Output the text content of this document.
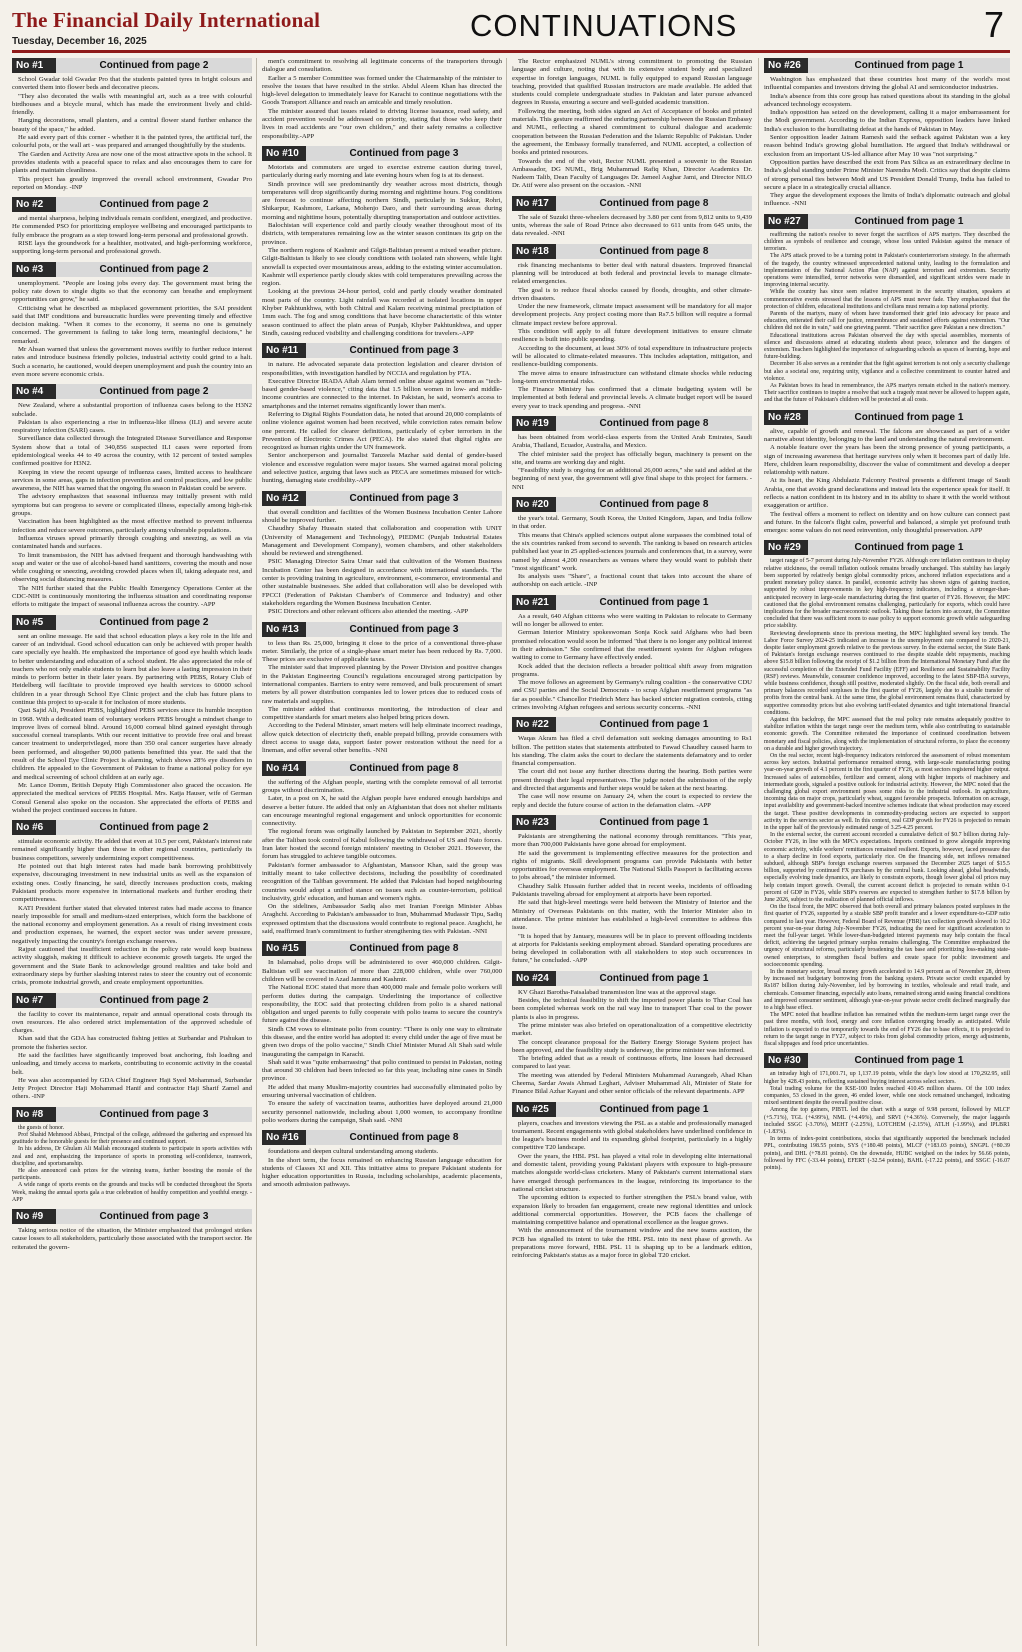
The Financial Daily International
Tuesday, December 16, 2025	CONTINUATIONS	7
No #1	Continued from page 2

School Gwadar told Gwadar Pro that the students painted tyres in bright colours and converted them into flower beds and decorative pieces.

"They also decorated the walls with meaningful art, such as a tree with colourful birdhouses and a bicycle mural, which has made the environment lively and child-friendly.

Hanging decorations, small planters, and a central flower stand further enhance the beauty of the space," he added.

He said every part of this corner - whether it is the painted tyres, the artificial turf, the colourful pots, or the wall art - was prepared and arranged thoughtfully by the students.

The Garden and Activity Area are now one of the most attractive spots in the school. It provides students with a peaceful space to relax and also encourages them to care for plants and maintain cleanliness.

This project has greatly improved the overall school environment, Gwadar Pro reported on Monday. -INP

No #2	Continued from page 2

and mental sharpness, helping individuals remain confident, energized, and productive. He commended PSO for prioritizing employee wellbeing and encouraged participants to fully embrace the program as a step toward long-term personal and professional growth.

RISE lays the groundwork for a healthier, motivated, and high-performing workforce, supporting long-term personal and professional growth.

No #3	Continued from page 2

unemployment. "People are losing jobs every day. The government must bring the policy rate down to single digits so that the economy can breathe and employment opportunities can grow," he said.

Criticising what he described as misplaced government priorities, the SAI president said that IMF conditions and bureaucratic hurdles were preventing timely and effective decision making. "When it comes to the economy, it seems no one is genuinely concerned. The government is failing to take long term, meaningful decisions," he remarked.

Mr Ahsan warned that unless the government moves swiftly to further reduce interest rates and introduce business friendly policies, industrial activity could grind to a halt. Such a scenario, he cautioned, would deepen unemployment and push the country into an even more severe economic crisis.

No #4	Continued from page 2

New Zealand, where a substantial proportion of influenza cases belong to the H3N2 subclade.

Pakistan is also experiencing a rise in influenza-like illness (ILI) and severe acute respiratory infection (SARI) cases.

Surveillance data collected through the Integrated Disease Surveillance and Response System show that a total of 340,856 suspected ILI cases were reported from epidemiological weeks 44 to 49 across the country, with 12 percent of tested samples confirmed positive for H3N2.

Keeping in view the recent upsurge of influenza cases, limited access to healthcare services in some areas, gaps in infection prevention and control practices, and low public awareness, the NIH has warned that the ongoing flu season in Pakistan could be severe.

The advisory emphasizes that seasonal influenza may initially present with mild symptoms but can progress to severe or complicated illness, especially among high-risk groups.

Vaccination has been highlighted as the most effective method to prevent influenza infection and reduce severe outcomes, particularly among vulnerable populations.

Influenza viruses spread primarily through coughing and sneezing, as well as via contaminated hands and surfaces.

To limit transmission, the NIH has advised frequent and thorough handwashing with soap and water or the use of alcohol-based hand sanitizers, covering the mouth and nose while coughing or sneezing, avoiding crowded places when ill, taking adequate rest, and observing social distancing measures.

The NIH further stated that the Public Health Emergency Operations Center at the CDC-NIH is continuously monitoring the influenza situation and coordinating response efforts to mitigate the impact of seasonal influenza across the country. -APP

No #5	Continued from page 2

sent an online message. He said that school education plays a key role in the life and career of an individual. Good school education can only be achieved with proper health care specially eye health. He emphasized the importance of good eye health which leads to better understanding and education of a school student. He also appreciated the role of teachers who not only enable students to learn but also leave a lasting impression in their minds to perform better in their later years. By partnering with PEBS, Rotary Club of Heidelberg will facilitate to provide improved eye health services to 60000 school children in a year through School Eye Clinic project and the club has future plans to continue this project to up-scale it for inclusion of more students.

Qazi Sajid Ali, President PEBS, highlighted PEBS services since its humble inception in 1968. With a dedicated team of voluntary workers PEBS brought a mindset change to improve lives of corneal blind. Around 16,000 corneal blind gained eyesight through successful corneal transplants. With our recent initiative to provide free oral and breast cancer treatment to underprivileged, more than 350 oral cancer surgeries have already been performed, and altogether 90,000 patients benefitted this year. He said that the result of the School Eye Clinic Project is alarming, which shows 28% eye disorders in children. He appealed to the Government of Pakistan to frame a national policy for eye and medical screening of school children at an early age.

Mr. Lance Domm, British Deputy High Commissioner also graced the occasion. He appreciated the medical services of PEBS Hospital. Mrs. Katja Hauser, wife of German Consul General also spoke on the occasion. She appreciated the efforts of PEBS and wished the project continued success in future.

No #6	Continued from page 2

stimulate economic activity. He added that even at 10.5 per cent, Pakistan's interest rate remained significantly higher than those in other regional countries, particularly its business competitors, severely undermining export competitiveness.

He pointed out that high interest rates had made bank borrowing prohibitively expensive, discouraging investment in new industrial units as well as the expansion of existing ones. Costly financing, he said, directly increases production costs, making Pakistani products more expensive in international markets and further eroding their competitiveness.

KATI President further stated that elevated interest rates had made access to finance nearly impossible for small and medium-sized enterprises, which form the backbone of the national economy and employment generation. As a result of rising investment costs and production expenses, he warned, the export sector was under severe pressure, negatively impacting the country's foreign exchange reserves.

Rajput cautioned that insufficient reduction in the policy rate would keep business activity sluggish, making it difficult to achieve economic growth targets. He urged the government and the State Bank to acknowledge ground realities and take bold and extraordinary steps by further slashing interest rates to steer the country out of economic crisis, promote industrial growth, and create employment opportunities.

No #7	Continued from page 2

the facility to cover its maintenance, repair and annual operational costs through its own resources. He also ordered strict implementation of the approved schedule of charges.

Khan said that the GDA has constructed fishing jetties at Surbandar and Pishukan to promote the fisheries sector.

He said the facilities have significantly improved boat anchoring, fish loading and unloading, and timely access to markets, contributing to economic activity in the coastal belt.

He was also accompanied by GDA Chief Engineer Haji Syed Mohammad, Surbandar Jetty Project Director Haji Mohammad Hanif and contractor Haji Sharif Zamel and others. -INP

No #8	Continued from page 3

the guests of honor.

Prof Shahid Mehmood Abbasi, Principal of the college, addressed the gathering and expressed his gratitude to the honorable guests for their presence and continued support.

In his address, Dr Ghulam Ali Mallah encouraged students to participate in sports activities with zeal and zest, emphasizing the importance of sports in promoting self-confidence, teamwork, discipline, and sportsmanship.

He also announced cash prizes for the winning teams, further boosting the morale of the participants.

A wide range of sports events on the grounds and tracks will be conducted throughout the Sports Week, making the annual sports gala a true celebration of healthy competition and youthful energy. -APP

No #9	Continued from page 3

Taking serious notice of the situation, the Minister emphasized that prolonged strikes cause losses to all stakeholders, particularly those associated with the transport sector. He reiterated the govern-

ment's commitment to resolving all legitimate concerns of the transporters through dialogue and consultation.

Earlier a 5 member Committee was formed under the Chairmanship of the minister to resolve the issues that have resulted in the strike. Abdul Aleem Khan has directed the high-level delegation to immediately leave for Karachi to continue negotiations with the Goods Transport Alliance and reach an amicable and timely resolution.

The minister assured that issues related to driving license issuance, road safety, and accident prevention would be addressed on priority, stating that those who keep their lives in road accidents are "our own children," and their safety remains a collective responsibility.-APP

No #10	Continued from page 3

Motorists and commuters are urged to exercise extreme caution during travel, particularly during early morning and late evening hours when fog is at its densest.

Sindh province will see predominantly dry weather across most districts, though temperatures will drop significantly during morning and nighttime hours. Fog conditions are forecast to continue affecting northern Sindh, particularly in Sukkur, Rohri, Shikarpur, Kashmore, Larkana, Mohenjo Daro, and their surrounding areas during morning and nighttime hours, potentially disrupting transportation and outdoor activities.

Balochistan will experience cold and partly cloudy weather throughout most of its districts, with temperatures remaining low as the winter season continues its grip on the province.

The northern regions of Kashmir and Gilgit-Baltistan present a mixed weather picture. Gilgit-Baltistan is likely to see cloudy conditions with isolated rain showers, while light snowfall is expected over mountainous areas, adding to the existing winter accumulation. Kashmir will experience partly cloudy skies with cold temperatures prevailing across the region.

Looking at the previous 24-hour period, cold and partly cloudy weather dominated most parts of the country. Light rainfall was recorded at isolated locations in upper Khyber Pakhtunkhwa, with both Chitral and Kalam receiving minimal precipitation of 1mm each. The fog and smog conditions that have become characteristic of this winter season continued to affect the plain areas of Punjab, Khyber Pakhtunkhwa, and upper Sindh, causing reduced visibility and challenging conditions for travelers.-APP

No #11	Continued from page 3

in nature. He advocated separate data protection legislation and clearer division of responsibilities, with investigation handled by NCCIA and regulation by PTA.

Executive Director IRADA Aftab Alam termed online abuse against women as "tech-based gender-based violence," citing data that 1.5 billion women in low- and middle-income countries are connected to the internet. In Pakistan, he said, women's access to smartphones and the internet remains significantly lower than men's.

Referring to Digital Rights Foundation data, he noted that around 20,000 complaints of online violence against women had been received, while conviction rates remain below one percent. He called for clearer definitions, particularly of cyber terrorism in the Prevention of Electronic Crimes Act (PECA). He also stated that digital rights are recognized as human rights under the UN framework.

Senior anchorperson and journalist Tanzeela Mazhar said denial of gender-based violence and excessive regulation were major issues. She warned against moral policing and selective justice, arguing that laws such as PECA are sometimes misused for witch-hunting, damaging state credibility.-APP

No #12	Continued from page 3

that overall condition and facilities of the Women Business Incubation Center Lahore should be improved further.

Chaudhry Shafay Hussain stated that collaboration and cooperation with UNIT (University of Management and Technology), PIEDMC (Punjab Industrial Estates Management and Development Company), women chambers, and other stakeholders should be reviewed and strengthened.

PSIC Managing Director Saira Umar said that cultivation of the Women Business Incubation Center has been designed in accordance with international standards. The center is providing training in agriculture, environment, e-commerce, environmental and other sustainable businesses. She added that collaboration will also be developed with FPCCI (Federation of Pakistan Chamber's of Commerce and Industry) and other stakeholders regarding the Women Business Incubation Center.

PSIC Directors and other relevant officers also attended the meeting. -APP

No #13	Continued from page 3

to less than Rs. 25,000, bringing it close to the price of a conventional three-phase meter. Similarly, the price of a single-phase smart meter has been reduced by Rs. 7,000. These prices are exclusive of applicable taxes.

The minister said that improved planning by the Power Division and positive changes in the Pakistan Engineering Council's regulations encouraged strong participation by international companies. Barriers to entry were removed, and bulk procurement of smart meters by all power distribution companies led to lower prices due to reduced costs of raw materials and supplies.

The minister added that continuous monitoring, the introduction of clear and competitive standards for smart meters also helped bring prices down.

According to the Federal Minister, smart meters will help eliminate incorrect readings, allow quick detection of electricity theft, enable prepaid billing, provide consumers with direct access to usage data, support faster power restoration without the need for a lineman, and offer several other benefits. -NNI

No #14	Continued from page 8

the suffering of the Afghan people, starting with the complete removal of all terrorist groups without discrimination.

Later, in a post on X, he said the Afghan people have endured enough hardships and deserve a better future. He added that only an Afghanistan that does not shelter militants can encourage meaningful regional engagement and unlock opportunities for economic connectivity.

The regional forum was originally launched by Pakistan in September 2021, shortly after the Taliban took control of Kabul following the withdrawal of US and Nato forces. Iran later hosted the second foreign ministers' meeting in October 2021. However, the forum has struggled to achieve tangible outcomes.

Pakistan's former ambassador to Afghanistan, Mansoor Khan, said the group was initially meant to take collective decisions, including the possibility of coordinated recognition of the Taliban government. He added that Pakistan had hoped neighbouring countries would adopt a unified stance on issues such as counter-terrorism, political inclusivity, girls' education, and human and women's rights.

On the sidelines, Ambassador Sadiq also met Iranian Foreign Minister Abbas Araghchi. According to Pakistan's ambassador to Iran, Muhammad Mudassir Tipu, Sadiq expressed optimism that the discussions would contribute to regional peace. Araghchi, he said, reaffirmed Iran's commitment to further strengthening ties with Pakistan. -NNI

No #15	Continued from page 8

In Islamabad, polio drops will be administered to over 460,000 children. Gilgit-Baltistan will see vaccination of more than 228,000 children, while over 760,000 children will be covered in Azad Jammu and Kashmir.

The National EOC stated that more than 400,000 male and female polio workers will perform duties during the campaign. Underlining the importance of collective responsibility, the EOC said that protecting children from polio is a shared national obligation and urged parents to fully cooperate with polio teams to secure the country's future against the disease.

Sindh CM vows to eliminate polio from country: "There is only one way to eliminate this disease, and the entire world has adopted it: every child under the age of five must be given two drops of the polio vaccine," Sindh Chief Minister Murad Ali Shah said while inaugurating the campaign in Karachi.

Shah said it was "quite embarrassing" that polio continued to persist in Pakistan, noting that around 30 children had been infected so far this year, including nine cases in Sindh province.

He added that many Muslim-majority countries had successfully eliminated polio by ensuring universal vaccination of children.

To ensure the safety of vaccination teams, authorities have deployed around 21,000 security personnel nationwide, including about 1,000 women, to accompany frontline polio workers during the campaign, Shah said. -NNI

No #16	Continued from page 8

foundations and deepen cultural understanding among students.

In the short term, the focus remained on enhancing Russian language education for students of Classes XI and XII. This initiative aims to prepare Pakistani students for higher education opportunities in Russia, including scholarships, academic placements, and smooth admission pathways.

The Rector emphasized NUML's strong commitment to promoting the Russian language and culture, noting that with its extensive student body and specialized expertise in foreign languages, NUML is fully equipped to expand Russian language teaching, provided that qualified Russian instructors are made available. He added that students could complete undergraduate studies in Pakistan and later pursue advanced degrees in Russia, ensuring a secure and well-guided academic transition.

Following the meeting, both sides signed an Act of Acceptance of books and printed materials. This gesture reaffirmed the enduring partnership between the Russian Embassy and NUML, reflecting a shared commitment to cultural dialogue and academic cooperation between the Russian Federation and the Islamic Republic of Pakistan. Under the agreement, the Embassy formally transferred, and NUML accepted, a collection of books and printed resources.

Towards the end of the visit, Rector NUML presented a souvenir to the Russian Ambassador, DG NUML, Brig Muhammad Rafiq Khan, Director Academics Dr. Nadeem Talib, Dean Faculty of Languages Dr. Jameel Asghar Jami, and Director NILO Dr. Atif were also present on the occasion. -NNI

No #17	Continued from page 8

The sale of Suzuki three-wheelers decreased by 3.80 per cent from 9,812 units to 9,439 units, whereas the sale of Road Prince also decreased to 611 units from 645 units, the data revealed. -NNI

No #18	Continued from page 8

risk financing mechanisms to better deal with natural disasters. Improved financial planning will be introduced at both federal and provincial levels to manage climate-related emergencies.

The goal is to reduce fiscal shocks caused by floods, droughts, and other climate-driven disasters.

Under the new framework, climate impact assessment will be mandatory for all major development projects. Any project costing more than Rs7.5 billion will require a formal climate impact review before approval.

This condition will apply to all future development initiatives to ensure climate resilience is built into public spending.

According to the document, at least 30% of total expenditure in infrastructure projects will be allocated to climate-related measures. This includes adaptation, mitigation, and resilience-building components.

The move aims to ensure infrastructure can withstand climate shocks while reducing long-term environmental risks.

The Finance Ministry has confirmed that a climate budgeting system will be implemented at both federal and provincial levels. A climate budget report will be issued every year to track spending and progress. -NNI

No #19	Continued from page 8

has been obtained from world-class experts from the United Arab Emirates, Saudi Arabia, Thailand, Ecuador, Australia, and Mexico.

The chief minister said the project has officially begun, machinery is present on the site, and teams are working day and night.

"Feasibility study is ongoing for an additional 26,000 acres," she said and added at the beginning of next year, the government will give final shape to this project for farmers. -NNI

No #20	Continued from page 8

the year's total. Germany, South Korea, the United Kingdom, Japan, and India follow in that order.

This means that China's applied sciences output alone surpasses the combined total of the six countries ranked from second to seventh. The ranking is based on research articles published last year in 25 applied-sciences journals and conferences that, in a survey, were named by almost 4,200 researchers as venues where they would want to publish their "most significant" work.

Its analysis uses "Share", a fractional count that takes into account the share of authorship on each article. -INP

No #21	Continued from page 1

As a result, 640 Afghan citizens who were waiting in Pakistan to relocate to Germany will no longer be allowed to enter.

German Interior Ministry spokeswoman Sonja Kock said Afghans who had been promised relocation would soon be informed "that there is no longer any political interest in their admission." She confirmed that the resettlement system for Afghan refugees waiting to come to Germany have effectively ended.

Kock added that the decision reflects a broader political shift away from migration programs.

The move follows an agreement by Germany's ruling coalition - the conservative CDU and CSU parties and the Social Democrats - to scrap Afghan resettlement programs "as far as possible." Chancellor Friedrich Merz has backed stricter migration controls, citing crimes involving Afghan refugees and serious security concerns. -NNI

No #22	Continued from page 1

Waqas Akram has filed a civil defamation suit seeking damages amounting to Rs1 billion. The petition states that statements attributed to Fawad Chaudhry caused harm to his standing. The claim asks the court to declare the statements defamatory and to order financial compensation.

The court did not issue any further directions during the hearing. Both parties were present through their legal representatives. The judge noted the submission of the reply and directed that arguments and further steps would be taken at the next hearing.

The case will now resume on January 24, when the court is expected to review the reply and decide the future course of action in the defamation claim. -APP

No #23	Continued from page 1

Pakistanis are strengthening the national economy through remittances. "This year, more than 700,000 Pakistanis have gone abroad for employment.

He said the government is implementing effective measures for the protection and rights of migrants. Skill development programs can provide Pakistanis with better opportunities for overseas employment. The National Skills Passport is facilitating access to jobs abroad," the minister informed.

Chaudhry Salik Hussain further added that in recent weeks, incidents of offloading Pakistanis traveling abroad for employment at airports have been reported.

He said that high-level meetings were held between the Ministry of Interior and the Ministry of Overseas Pakistanis on this matter, with the Interior Minister also in attendance. The prime minister has established a high-level committee to address this issue.

"It is hoped that by January, measures will be in place to prevent offloading incidents at airports for Pakistanis seeking employment abroad. Standard operating procedures are being developed in collaboration with all stakeholders to stop such occurrences in future," he concluded. -APP

No #24	Continued from page 1

KV Ghazi Barotha-Faisalabad transmission line was at the approval stage.

Besides, the technical feasibility to shift the imported power plants to Thar Coal has been completed whereas work on the rail way line to transport Thar coal to the power plants is also in progress.

The prime minister was also briefed on operationalization of a competitive electricity market.

The concept clearance proposal for the Battery Energy Storage System project has been approved, and the feasibility study is underway, the prime minister was informed.

The briefing added that as a result of continuous efforts, line losses had decreased compared to last year.

The meeting was attended by Federal Ministers Muhammad Aurangzeb, Ahad Khan Cheema, Sardar Awais Ahmad Leghari, Adviser Muhammad Ali, Minister of State for Finance Bilal Azhar Kayani and other senior officials of the relevant departments. APP

No #25	Continued from page 1

players, coaches and investors viewing the PSL as a stable and professionally managed tournament. Recent engagements with global stakeholders have underlined confidence in the league's business model and its expanding global footprint, particularly in a highly competitive T20 landscape.

Over the years, the HBL PSL has played a vital role in developing elite international and domestic talent, providing young Pakistani players with exposure to high-pressure matches alongside world-class cricketers. Many of Pakistan's current international stars have emerged through performances in the league, reinforcing its importance to the national cricket structure.

The upcoming edition is expected to further strengthen the PSL's brand value, with expansion likely to broaden fan engagement, create new regional identities and unlock additional commercial opportunities. However, the PCB faces the challenge of maintaining competitive balance and operational excellence as the league grows.

With the announcement of the tournament window and the new teams auction, the PCB has signalled its intent to take the HBL PSL into its next phase of growth. As preparations move forward, HBL PSL 11 is shaping up to be a landmark edition, reinforcing Pakistan's status as a major force in global T20 cricket.

No #26	Continued from page 1

Washington has emphasized that these countries host many of the world's most influential companies and investors driving the global AI and semiconductor industries.

India's absence from this core group has raised questions about its standing in the global advanced technology ecosystem.

India's opposition has seized on the development, calling it a major embarrassment for the Modi government. According to the Indian Express, opposition leaders have linked India's exclusion to the humiliating defeat at the hands of Pakistan in May.

Senior opposition leader Jairam Ramesh said the setback against Pakistan was a key reason behind India's growing global humiliation. He argued that India's withdrawal or exclusion from an important US-led alliance after May 10 was "not surprising."

Opposition parties have described the exit from Pax Silica as an extraordinary decline in India's global standing under Prime Minister Narendra Modi. Critics say that despite claims of strong personal ties between Modi and US President Donald Trump, India has failed to secure a place in a strategically crucial alliance.

They argue the development exposes the limits of India's diplomatic outreach and global influence. -NNI

No #27	Continued from page 1

reaffirming the nation's resolve to never forget the sacrifices of APS martyrs. They described the children as symbols of resilience and courage, whose loss united Pakistan against the menace of terrorism.

The APS attack proved to be a turning point in Pakistan's counterterrorism strategy. In the aftermath of the tragedy, the country witnessed unprecedented national unity, leading to the formulation and implementation of the National Action Plan (NAP) against terrorism and extremism. Security operations were intensified, terror networks were dismantled, and significant strides were made in improving internal security.

While the country has since seen relative improvement in the security situation, speakers at commemorative events stressed that the lessons of APS must never fade. They emphasized that the protection of children, educational institutions and civilians must remain a top national priority.

Parents of the martyrs, many of whom have transformed their grief into advocacy for peace and education, reiterated their call for justice, remembrance and sustained efforts against extremism. "Our children did not die in vain," said one grieving parent. "Their sacrifice gave Pakistan a new direction."

Educational institutions across Pakistan observed the day with special assemblies, moments of silence and discussions aimed at educating students about peace, tolerance and the dangers of extremism. Teachers highlighted the importance of safeguarding schools as spaces of learning, hope and future-building.

December 16 also serves as a reminder that the fight against terrorism is not only a security challenge but also a societal one, requiring unity, vigilance and a collective commitment to counter hatred and violence.

As Pakistan bows its head in remembrance, the APS martyrs remain etched in the nation's memory. Their sacrifice continues to inspire a resolve that such a tragedy must never be allowed to happen again, and that the future of Pakistan's children will be protected at all costs.

No #28	Continued from page 1

alive, capable of growth and renewal. The falcons are showcased as part of a wider narrative about identity, belonging to the land and understanding the natural environment.

A notable feature over the years has been the strong presence of young participants, a sign of increasing awareness that heritage survives only when it becomes part of daily life. Here, children learn responsibility, discover the value of commitment and develop a deeper relationship with nature.

At its heart, the King Abdulaziz Falconry Festival presents a different image of Saudi Arabia, one that avoids grand declarations and instead lets the experience speak for itself. It reflects a nation confident in its history and in its ability to share it with the world without exaggeration or artifice.

The festival offers a moment to reflect on identity and on how culture can connect past and future. In the falcon's flight calm, powerful and balanced, a simple yet profound truth emerges: some values do not need reinvention, only thoughtful preservation. APP

No #29	Continued from page 1

target range of 5-7 percent during July-November FY26. Although core inflation continues to display relative stickiness, the overall inflation outlook remains broadly unchanged. This stability has largely been supported by relatively benign global commodity prices, anchored inflation expectations and a prudent monetary policy stance. In parallel, economic activity has shown signs of gaining traction, supported by robust improvements in key high-frequency indicators, including a stronger-than-anticipated recovery in large-scale manufacturing during the first quarter of FY26. However, the MPC cautioned that the global environment remains challenging, particularly for exports, which could have implications for the broader macroeconomic outlook. Taking these factors into account, the Committee concluded that there was sufficient room to ease policy to support economic growth while safeguarding price stability.

Reviewing developments since its previous meeting, the MPC highlighted several key trends. The Labor Force Survey 2024-25 indicated an increase in the unemployment rate compared to 2020-21, despite faster employment growth relative to the previous survey. In the external sector, the State Bank of Pakistan's foreign exchange reserves continued to rise despite sizable debt repayments, reaching above $15.8 billion following the receipt of $1.2 billion from the International Monetary Fund after the successful completion of the Extended Fund Facility (EFF) and Resilience and Sustainability Facility (RSF) reviews. Meanwhile, consumer confidence improved, according to the latest SBP-IBA surveys, while business confidence, though still positive, moderated slightly. On the fiscal side, both overall and primary balances recorded surpluses in the first quarter of FY26, largely due to a sizable transfer of profits from the central bank. At the same time, the global environment remains fluid, characterized by supportive commodity prices but also evolving tariff-related dynamics and tight international financial conditions.

Against this backdrop, the MPC assessed that the real policy rate remains adequately positive to stabilize inflation within the target range over the medium term, while also contributing to sustainable economic growth. The Committee reiterated the importance of continued coordination between monetary and fiscal policies, along with the implementation of structural reforms, to place the economy on a durable and higher growth trajectory.

On the real sector, recent high-frequency indicators reinforced the assessment of robust momentum across key sectors. Industrial performance remained strong, with large-scale manufacturing posting year-on-year growth of 4.1 percent in the first quarter of FY26, as most sectors registered higher output. Increased sales of automobiles, fertilizer and cement, along with higher imports of machinery and intermediate goods, signaled a positive outlook for industrial activity. However, the MPC noted that the challenging global export environment poses some risks to the industrial outlook. In agriculture, incoming data on major crops, particularly wheat, suggest favorable prospects. Information on acreage, input availability and government-backed incentive schemes indicate that wheat production may exceed the target. These positive developments in commodity-producing sectors are expected to support activity in the services sector as well. In this context, real GDP growth for FY26 is projected to remain in the upper half of the previously estimated range of 3.25-4.25 percent.

In the external sector, the current account recorded a cumulative deficit of $0.7 billion during July-October FY26, in line with the MPC's expectations. Imports continued to grow alongside improving economic activity, while workers' remittances remained resilient. Exports, however, faced pressure due to a sharp decline in food exports, particularly rice. On the financing side, net inflows remained subdued, although SBP's foreign exchange reserves surpassed the December 2025 target of $15.5 billion, supported by continued FX purchases by the central bank. Looking ahead, global headwinds, especially evolving trade dynamics, are likely to constrain exports, though lower global oil prices may help contain import growth. Overall, the current account deficit is projected to remain within 0-1 percent of GDP in FY26, while SBP's reserves are expected to strengthen further to $17.8 billion by June 2026, subject to the realization of planned official inflows.

On the fiscal front, the MPC observed that both overall and primary balances posted surpluses in the first quarter of FY26, supported by a sizable SBP profit transfer and a lower expenditure-to-GDP ratio compared to last year. However, Federal Board of Revenue (FBR) tax collection growth slowed to 10.2 percent year-on-year during July-November FY26, indicating the need for significant acceleration to meet the full-year target. While lower-than-budgeted interest payments may help contain the fiscal deficit, achieving the targeted primary surplus remains challenging. The Committee emphasized the urgency of structural reforms, particularly broadening the tax base and prioritizing loss-making state-owned enterprises, to strengthen fiscal buffers and create space for public investment and socioeconomic spending.

In the monetary sector, broad money growth accelerated to 14.9 percent as of November 28, driven by increased net budgetary borrowing from the banking system. Private sector credit expanded by Rs187 billion during July-November, led by borrowing in textiles, wholesale and retail trade, and chemicals. Consumer financing, especially auto loans, remained strong amid easing financial conditions and improved consumer sentiment, although year-on-year private sector credit declined marginally due to a high base effect.

The MPC noted that headline inflation has remained within the medium-term target range over the past three months, with food, energy and core inflation converging broadly as anticipated. While inflation is expected to rise temporarily towards the end of FY26 due to base effects, it is projected to return to the target range in FY27, subject to risks from global commodity prices, energy adjustments, fiscal slippages and food price uncertainties.

No #30	Continued from page 1

an intraday high of 171,001.71, up 1,137.19 points, while the day's low stood at 170,292.95, still higher by 428.43 points, reflecting sustained buying interest across select sectors.

Total trading volume for the KSE-100 Index reached 410.45 million shares. Of the 100 index companies, 53 closed in the green, 46 ended lower, while one stock remained unchanged, indicating mixed sentiment despite the overall positive close.

Among the top gainers, PIBTL led the chart with a surge of 9.98 percent, followed by MLCF (+5.71%), TGL (+4.99%), NML (+4.49%), and SRVI (+4.36%). Conversely, the major laggards included SSGC (-3.70%), MEHT (-2.25%), LOTCHEM (-2.15%), ATLH (-1.99%), and IPLBR1 (-1.83%).

In terms of index-point contributions, stocks that significantly supported the benchmark included PPL, contributing 198.55 points, SYS (+180.48 points), MLCF (+183.03 points), SNGPL (+80.39 points), and DHL (+78.81 points). On the downside, HUBC weighed on the index by 56.66 points, followed by FFC (-33.44 points), EFERT (-32.54 points), BAHL (-17.22 points), and SSGC (-16.07 points).
